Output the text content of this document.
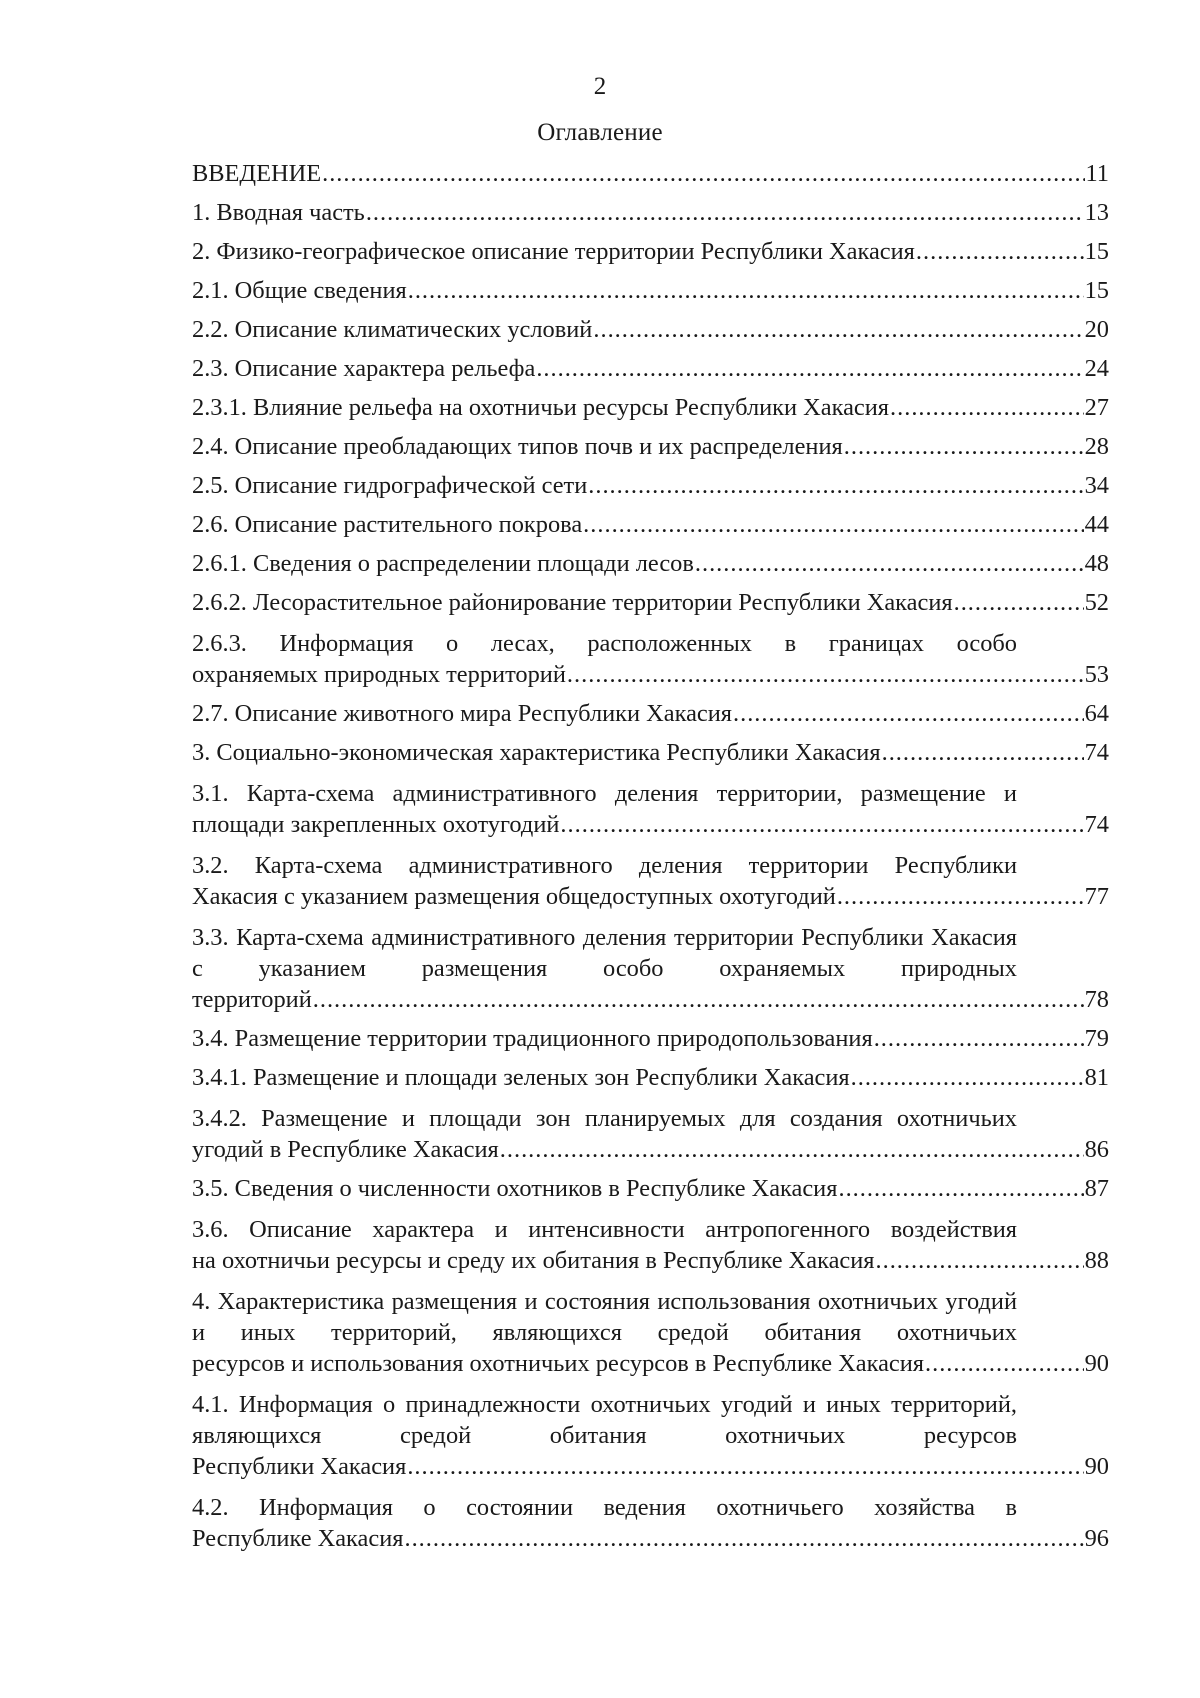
2
Оглавление
ВВЕДЕНИЕ .....	11
1. Вводная часть .....	13
2. Физико-географическое описание территории Республики Хакасия .....	15
2.1. Общие сведения .....	15
2.2. Описание климатических условий .....	20
2.3. Описание характера рельефа .....	24
2.3.1. Влияние рельефа на охотничьи ресурсы Республики Хакасия .....	27
2.4. Описание преобладающих типов почв и их распределения .....	28
2.5. Описание гидрографической сети .....	34
2.6. Описание растительного покрова .....	44
2.6.1. Сведения о распределении площади лесов .....	48
2.6.2. Лесорастительное районирование территории Республики Хакасия .....	52
2.6.3. Информация о лесах, расположенных в границах особо
охраняемых природных территорий .....	53
2.7. Описание животного мира Республики Хакасия .....	64
3. Социально-экономическая характеристика Республики Хакасия .....	74
3.1. Карта-схема административного деления территории, размещение и
площади закрепленных охотугодий .....	74
3.2. Карта-схема административного деления территории Республики
Хакасия с указанием размещения общедоступных охотугодий .....	77
3.3. Карта-схема административного деления территории Республики Хакасия с указанием размещения особо охраняемых природных
территорий .....	78
3.4. Размещение территории традиционного природопользования .....	79
3.4.1. Размещение и площади зеленых зон Республики Хакасия .....	81
3.4.2. Размещение и площади зон планируемых для создания охотничьих
угодий в Республике Хакасия .....	86
3.5. Сведения о численности охотников в Республике Хакасия .....	87
3.6. Описание характера и интенсивности антропогенного воздействия
на охотничьи ресурсы и среду их обитания в Республике Хакасия .....	88
4. Характеристика размещения и состояния использования охотничьих угодий и иных территорий, являющихся средой обитания охотничьих
ресурсов и использования охотничьих ресурсов в Республике Хакасия .....	90
4.1. Информация о принадлежности охотничьих угодий и иных территорий, являющихся средой обитания охотничьих ресурсов
Республики Хакасия .....	90
4.2. Информация о состоянии ведения охотничьего хозяйства в
Республике Хакасия .....	96
